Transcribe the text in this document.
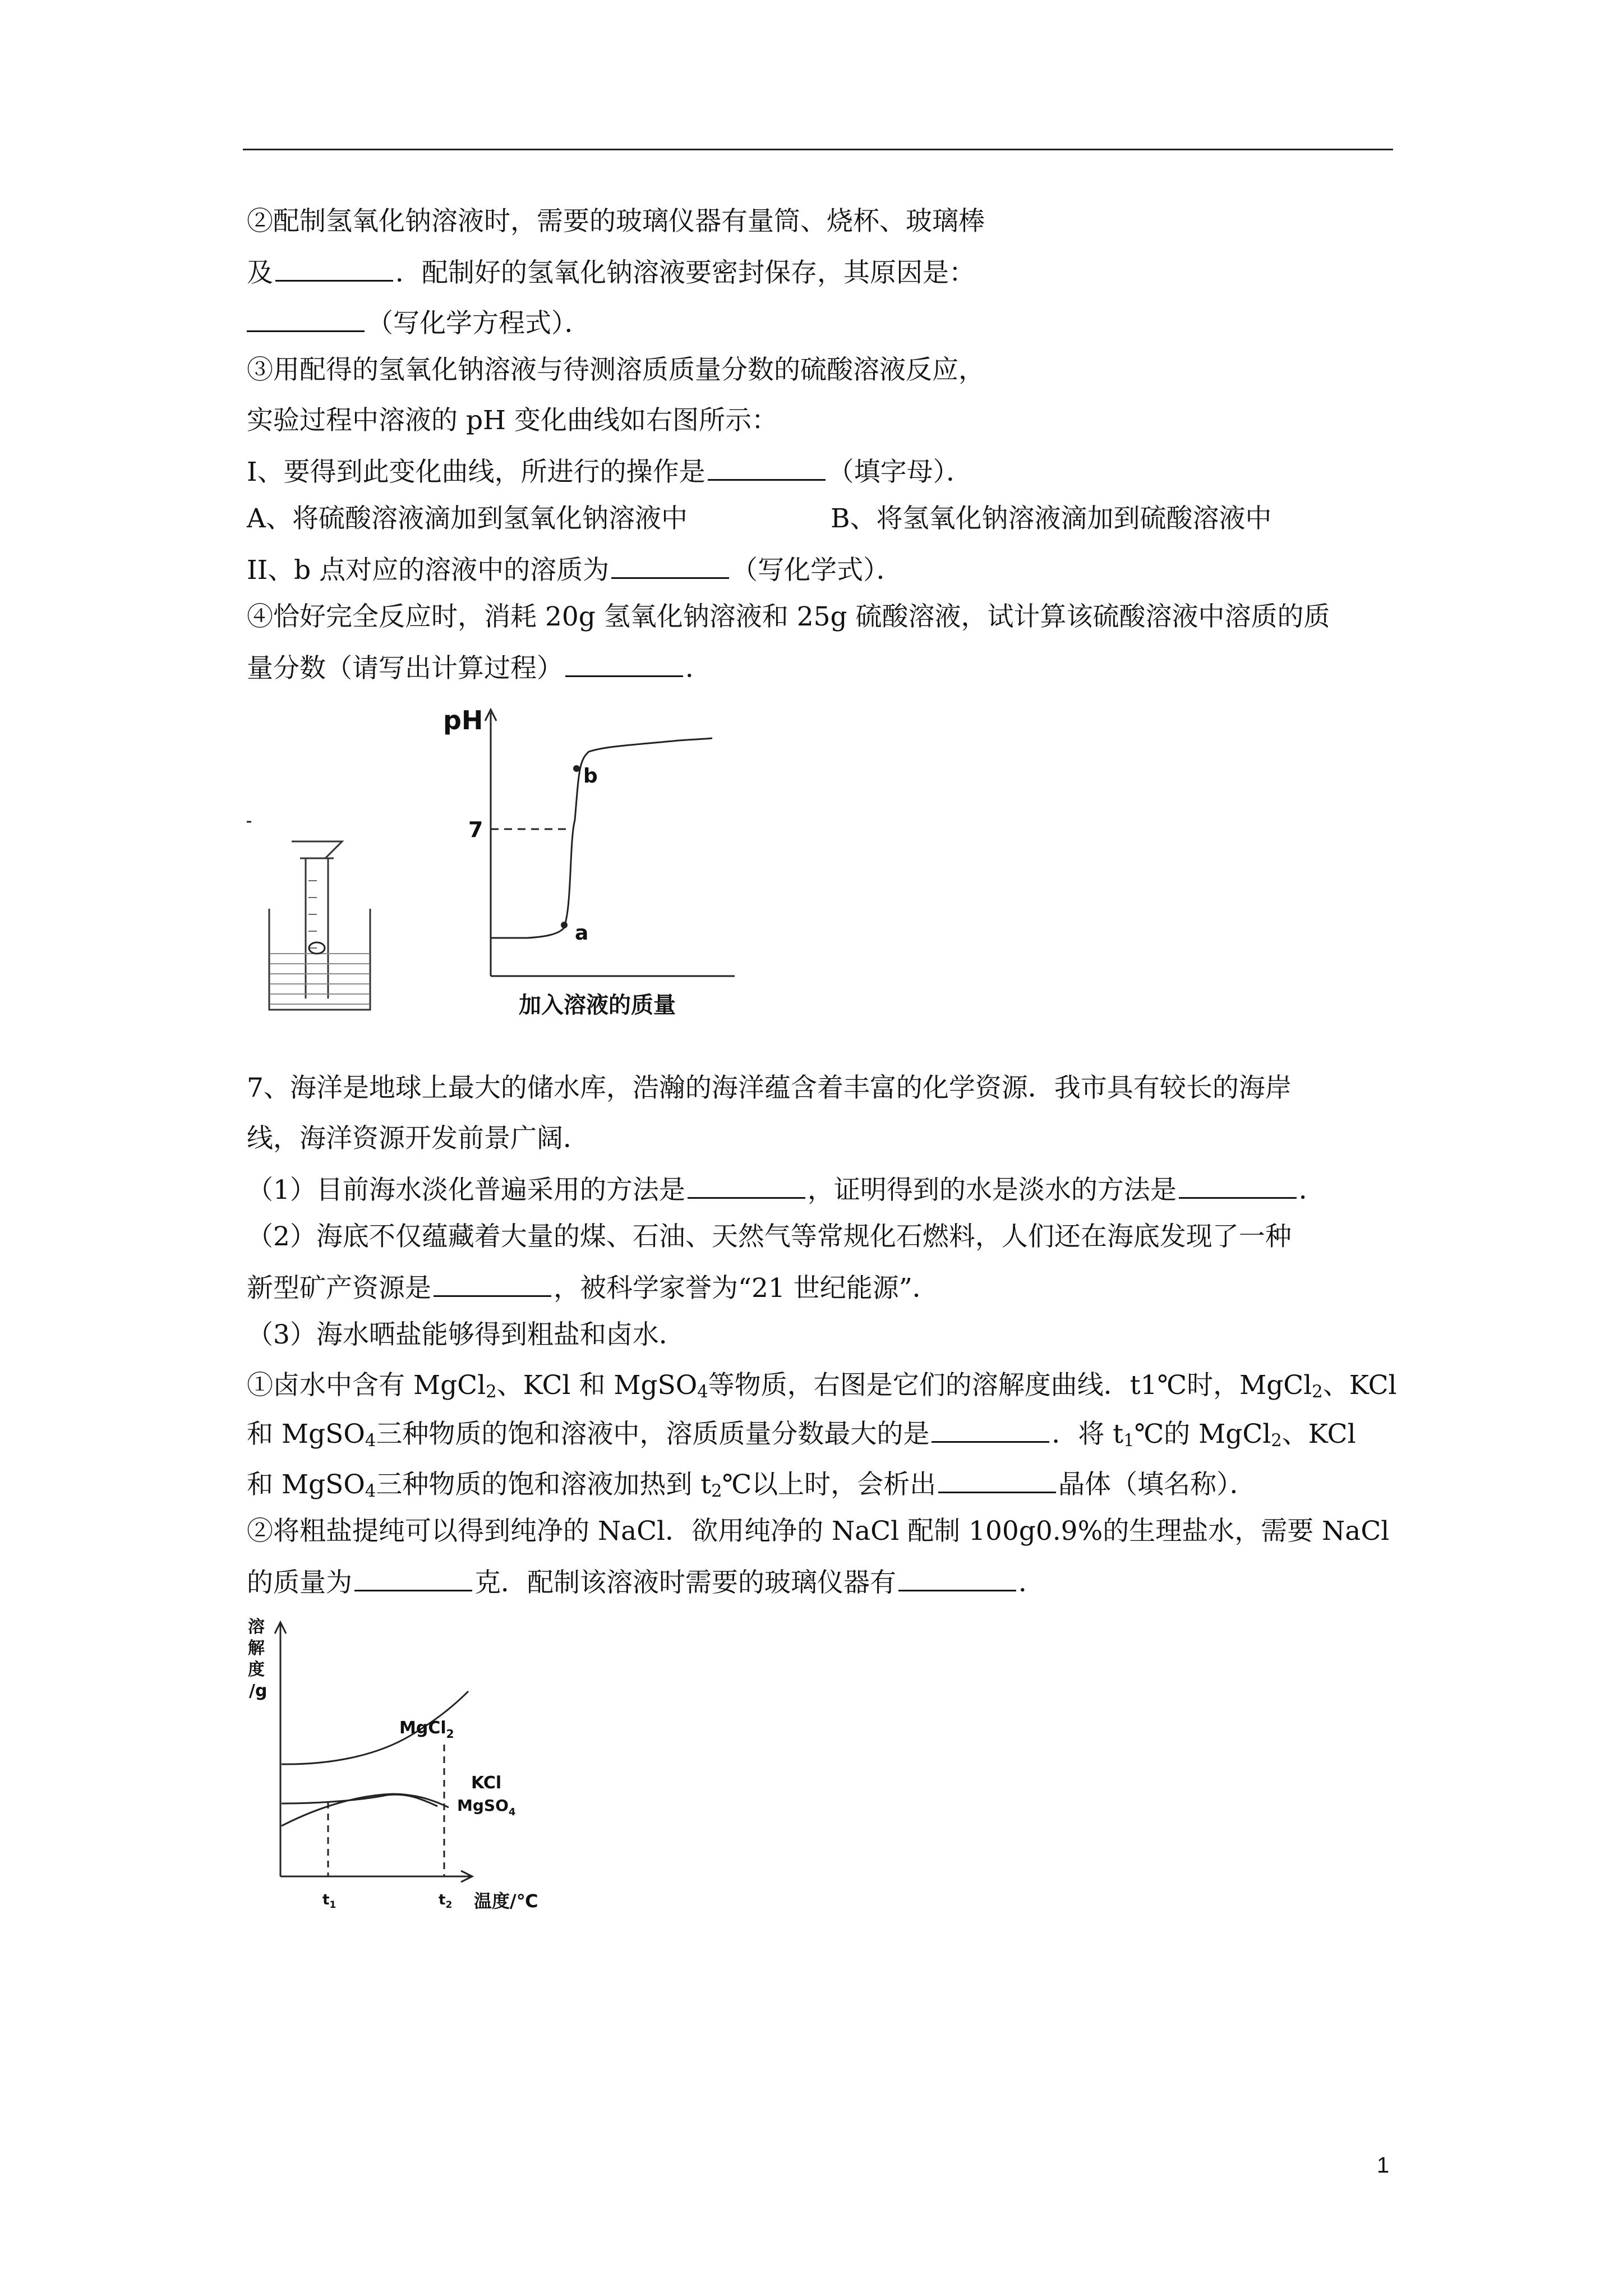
②配制氢氧化钠溶液时，需要的玻璃仪器有量筒、烧杯、玻璃棒
及	．配制好的氢氧化钠溶液要密封保存，其原因是：
（写化学方程式）．
③用配得的氢氧化钠溶液与待测溶质质量分数的硫酸溶液反应，
实验过程中溶液的 pH 变化曲线如右图所示：
I、要得到此变化曲线，所进行的操作是	（填字母）．
A、将硫酸溶液滴加到氢氧化钠溶液中	B、将氢氧化钠溶液滴加到硫酸溶液中
II、b 点对应的溶液中的溶质为	（写化学式）．
④恰好完全反应时，消耗 20g 氢氧化钠溶液和 25g 硫酸溶液，试计算该硫酸溶液中溶质的质
量分数（请写出计算过程）	．
pH
7
a
b
加入溶液的质量
7、海洋是地球上最大的储水库，浩瀚的海洋蕴含着丰富的化学资源．我市具有较长的海岸
线，海洋资源开发前景广阔．
（1）目前海水淡化普遍采用的方法是	，证明得到的水是淡水的方法是	．
（2）海底不仅蕴藏着大量的煤、石油、天然气等常规化石燃料，人们还在海底发现了一种
新型矿产资源是	，被科学家誉为“21 世纪能源”．
（3）海水晒盐能够得到粗盐和卤水．
①卤水中含有 MgCl$_2$、KCl 和 MgSO$_4$等物质，右图是它们的溶解度曲线．t1℃时，MgCl$_2$、KCl
和 MgSO$_4$三种物质的饱和溶液中，溶质质量分数最大的是	．将 $t_1℃$的 MgCl$_2$、KCl
和 MgSO$_4$三种物质的饱和溶液加热到 $t_2℃$以上时，会析出	晶体（填名称）．
②将粗盐提纯可以得到纯净的 NaCl．欲用纯净的 NaCl 配制 100g0.9%的生理盐水，需要 NaCl
的质量为	克．配制该溶液时需要的玻璃仪器有	．
溶
解
度
/g
MgCl$_2$
KCl
MgSO$_4$
$t_1$	$t_2$ 温度/℃
1
